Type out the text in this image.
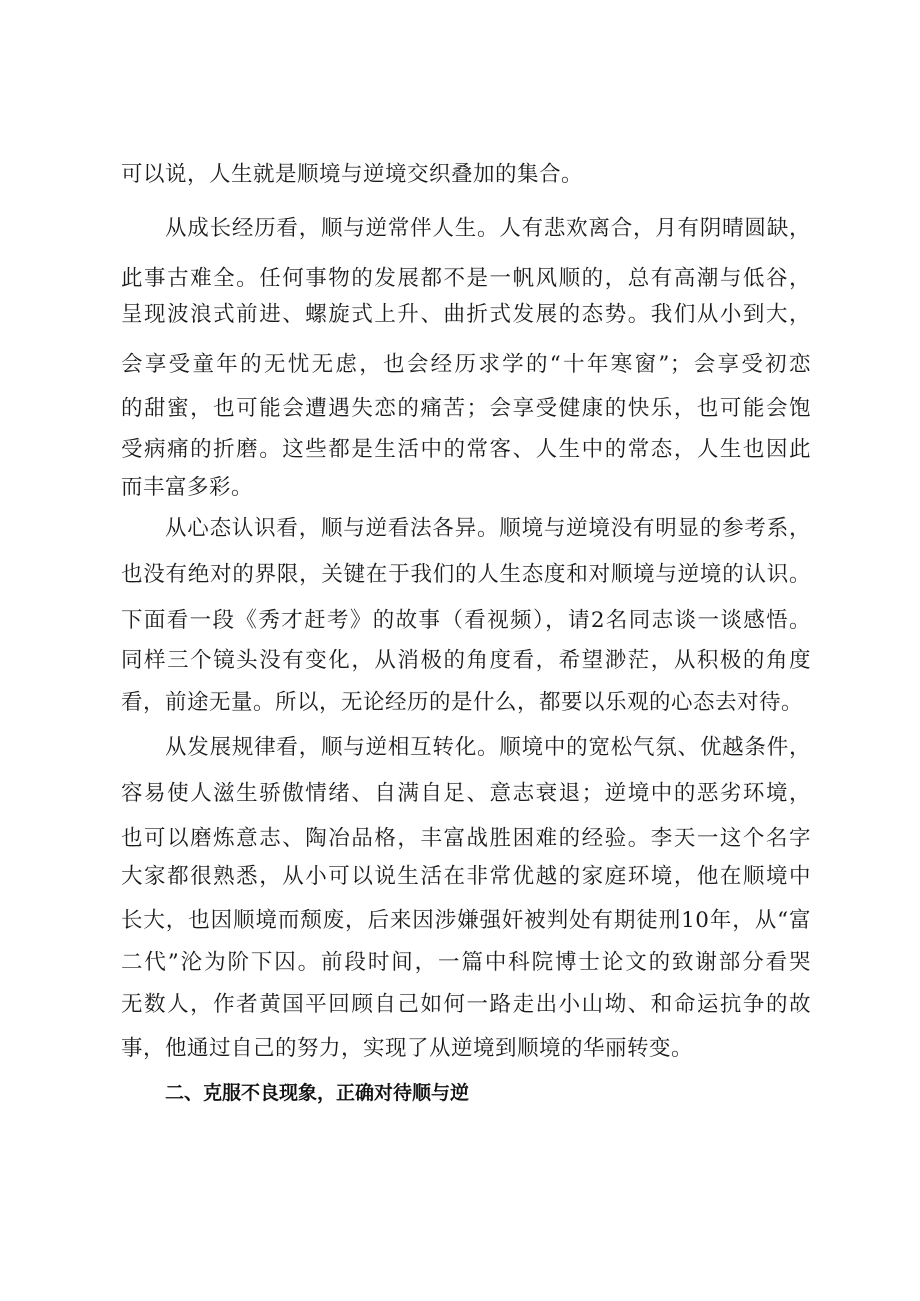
可以说，人生就是顺境与逆境交织叠加的集合。
从成长经历看，顺与逆常伴人生。人有悲欢离合，月有阴晴圆缺，
此事古难全。任何事物的发展都不是一帆风顺的，总有高潮与低谷，
呈现波浪式前进、螺旋式上升、曲折式发展的态势。我们从小到大，
会享受童年的无忧无虑，也会经历求学的“十年寒窗”；会享受初恋
的甜蜜，也可能会遭遇失恋的痛苦；会享受健康的快乐，也可能会饱
受病痛的折磨。这些都是生活中的常客、人生中的常态，人生也因此
而丰富多彩。
从心态认识看，顺与逆看法各异。顺境与逆境没有明显的参考系，
也没有绝对的界限，关键在于我们的人生态度和对顺境与逆境的认识。
下面看一段《秀才赶考》的故事（看视频），请2名同志谈一谈感悟。
同样三个镜头没有变化，从消极的角度看，希望渺茫，从积极的角度
看，前途无量。所以，无论经历的是什么，都要以乐观的心态去对待。
从发展规律看，顺与逆相互转化。顺境中的宽松气氛、优越条件，
容易使人滋生骄傲情绪、自满自足、意志衰退；逆境中的恶劣环境，
也可以磨炼意志、陶冶品格，丰富战胜困难的经验。李天一这个名字
大家都很熟悉，从小可以说生活在非常优越的家庭环境，他在顺境中
长大，也因顺境而颓废，后来因涉嫌强奸被判处有期徒刑10年，从“富
二代”沦为阶下囚。前段时间，一篇中科院博士论文的致谢部分看哭
无数人，作者黄国平回顾自己如何一路走出小山坳、和命运抗争的故
事，他通过自己的努力，实现了从逆境到顺境的华丽转变。
二、克服不良现象，正确对待顺与逆
